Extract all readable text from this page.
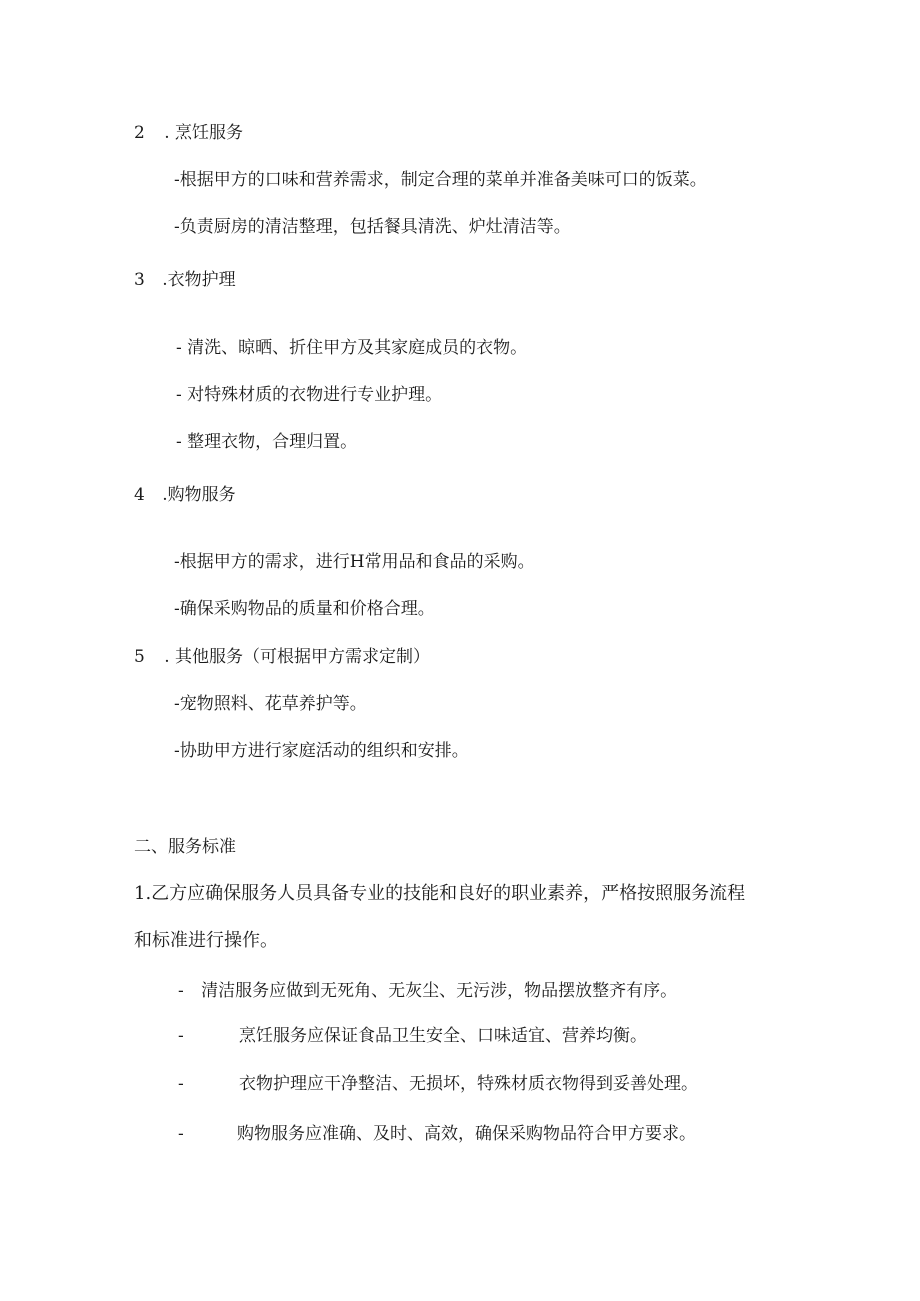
2 . 烹饪服务
-根据甲方的口味和营养需求，制定合理的菜单并准备美味可口的饭菜。
-负责厨房的清洁整理，包括餐具清洗、炉灶清洁等。
3 .衣物护理
- 清洗、晾晒、折住甲方及其家庭成员的衣物。
- 对特殊材质的衣物进行专业护理。
- 整理衣物，合理归置。
4 .购物服务
-根据甲方的需求，进行H常用品和食品的采购。
-确保采购物品的质量和价格合理。
5 . 其他服务（可根据甲方需求定制）
-宠物照料、花草养护等。
-协助甲方进行家庭活动的组织和安排。
二、服务标准
1.乙方应确保服务人员具备专业的技能和良好的职业素养，严格按照服务流程
和标准进行操作。
- 清洁服务应做到无死角、无灰尘、无污涉，物品摆放整齐有序。
-	烹饪服务应保证食品卫生安全、口味适宜、营养均衡。
-	衣物护理应干净整洁、无损坏，特殊材质衣物得到妥善处理。
-	购物服务应准确、及时、高效，确保采购物品符合甲方要求。
